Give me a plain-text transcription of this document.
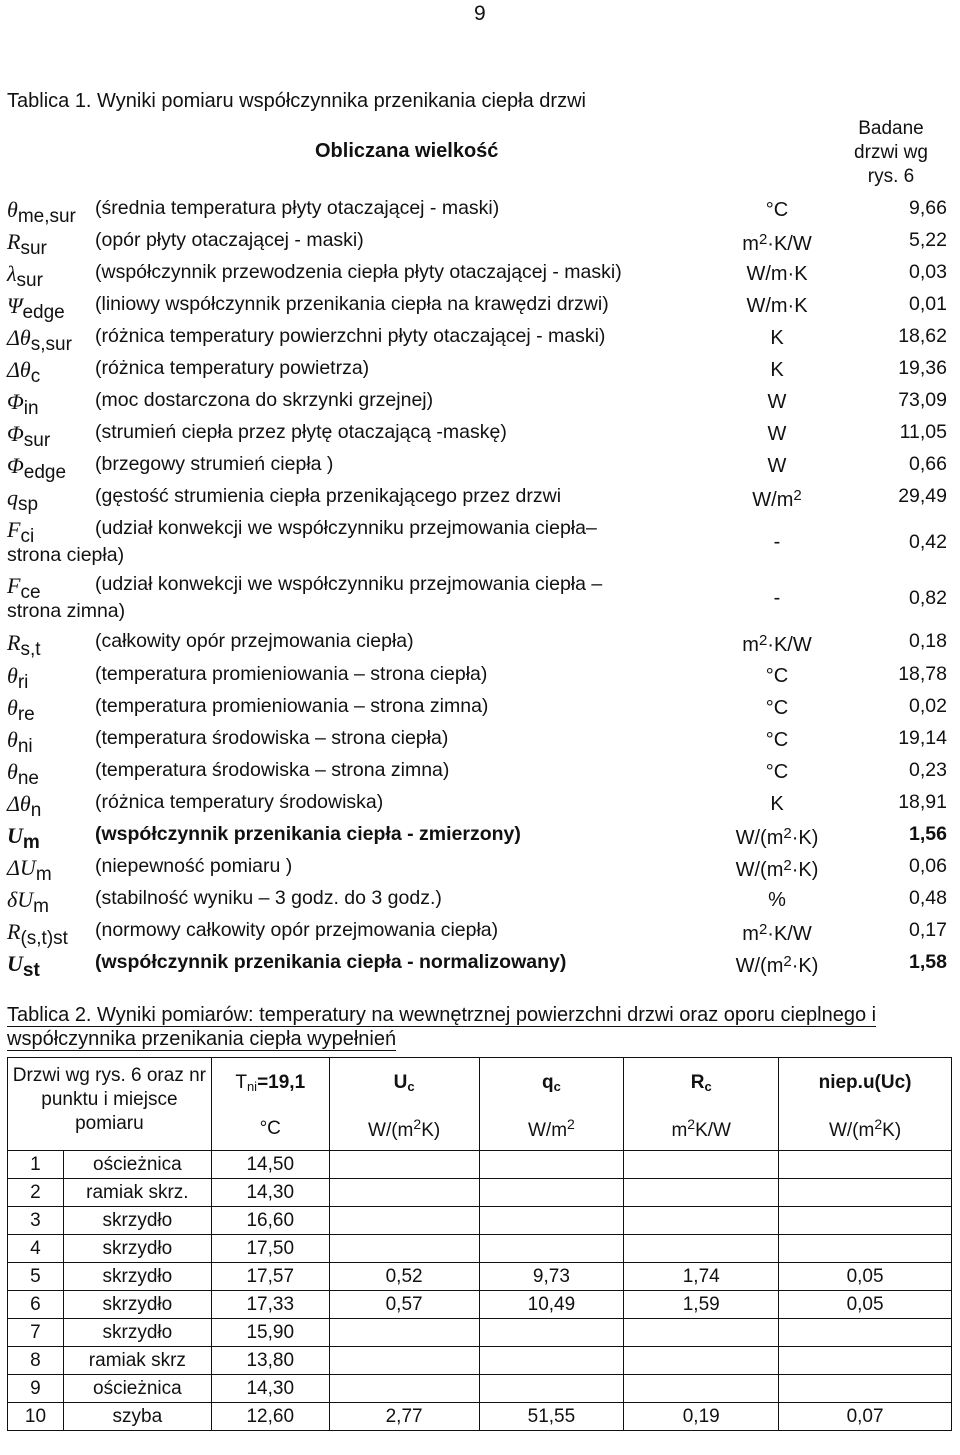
9
Tablica 1. Wyniki pomiaru współczynnika przenikania ciepła drzwi
Obliczana wielkość
Badane
drzwi wg
rys. 6
$\theta_{me,sur}$ (średnia temperatura płyty otaczającej - maski)	°C	9,66
$R_{sur}$ (opór płyty otaczającej - maski)	$m^2\cdot K/W$	5,22
$\lambda_{sur}$	(współczynnik przewodzenia ciepła płyty otaczającej - maski)	W/m·K	0,03
$\Psi_{edge}$ (liniowy współczynnik przenikania ciepła na krawędzi drzwi)	W/m·K	0,01
$\Delta\theta_{s,sur}$ (różnica temperatury powierzchni płyty otaczającej - maski)	K	18,62
$\Delta\theta_c$	(różnica temperatury powietrza)	K	19,36
$\Phi_{in}$	(moc dostarczona do skrzynki grzejnej)	W	73,09
$\Phi_{sur}$ (strumień ciepła przez płytę otaczającą -maskę)	W	11,05
$\Phi_{edge}$ (brzegowy strumień ciepła )	W	0,66
$q_{sp}$	(gęstość strumienia ciepła przenikającego przez drzwi	$W/m^2$	29,49
$F_{ci}$	(udział konwekcji we współczynniku przejmowania ciepła–
strona ciepła)
-	0,42
$F_{ce}$	(udział konwekcji we współczynniku przejmowania ciepła –
strona zimna)
-	0,82
$R_{s,t}$	(całkowity opór przejmowania ciepła)	$m^2\cdot K/W$	0,18
$\theta_{ri}$	(temperatura promieniowania – strona ciepła)	°C	18,78
$\theta_{re}$	(temperatura promieniowania – strona zimna)	°C	0,02
$\theta_{ni}$	(temperatura środowiska – strona ciepła)	°C	19,14
$\theta_{ne}$	(temperatura środowiska – strona zimna)	°C	0,23
$\Delta\theta_n$	(różnica temperatury środowiska)	K	18,91
$U_m$	(współczynnik przenikania ciepła - zmierzony)	$W/(m^2\cdot K)$	1,56
$\Delta U_m$ (niepewność pomiaru )	$W/(m^2\cdot K)$	0,06
$\delta U_m$ (stabilność wyniku – 3 godz. do 3 godz.)	%	0,48
$R_{(s,t)st}$ (normowy całkowity opór przejmowania ciepła)	$m^2\cdot K/W$	0,17
$U_{st}$	(współczynnik przenikania ciepła - normalizowany)	$W/(m^2\cdot K)$	1,58
Tablica 2. Wyniki pomiarów: temperatury na wewnętrznej powierzchni drzwi oraz oporu cieplnego i współczynnika przenikania ciepła wypełnień
Drzwi wg rys. 6 oraz nr punktu i miejsce pomiaru		$T_{ni}=19,1$	$U_c$	$q_c$	$R_c$	niep.u(Uc)
		°C	$W/(m^2K)$	$W/m^2$	$m^2K/W$	$W/(m^2K)$
1	ościeżnica	14,50				
2	ramiak skrz.	14,30				
3	skrzydło	16,60				
4	skrzydło	17,50				
5	skrzydło	17,57	0,52	9,73	1,74	0,05
6	skrzydło	17,33	0,57	10,49	1,59	0,05
7	skrzydło	15,90				
8	ramiak skrz	13,80				
9	ościeżnica	14,30				
10	szyba	12,60	2,77	51,55	0,19	0,07
